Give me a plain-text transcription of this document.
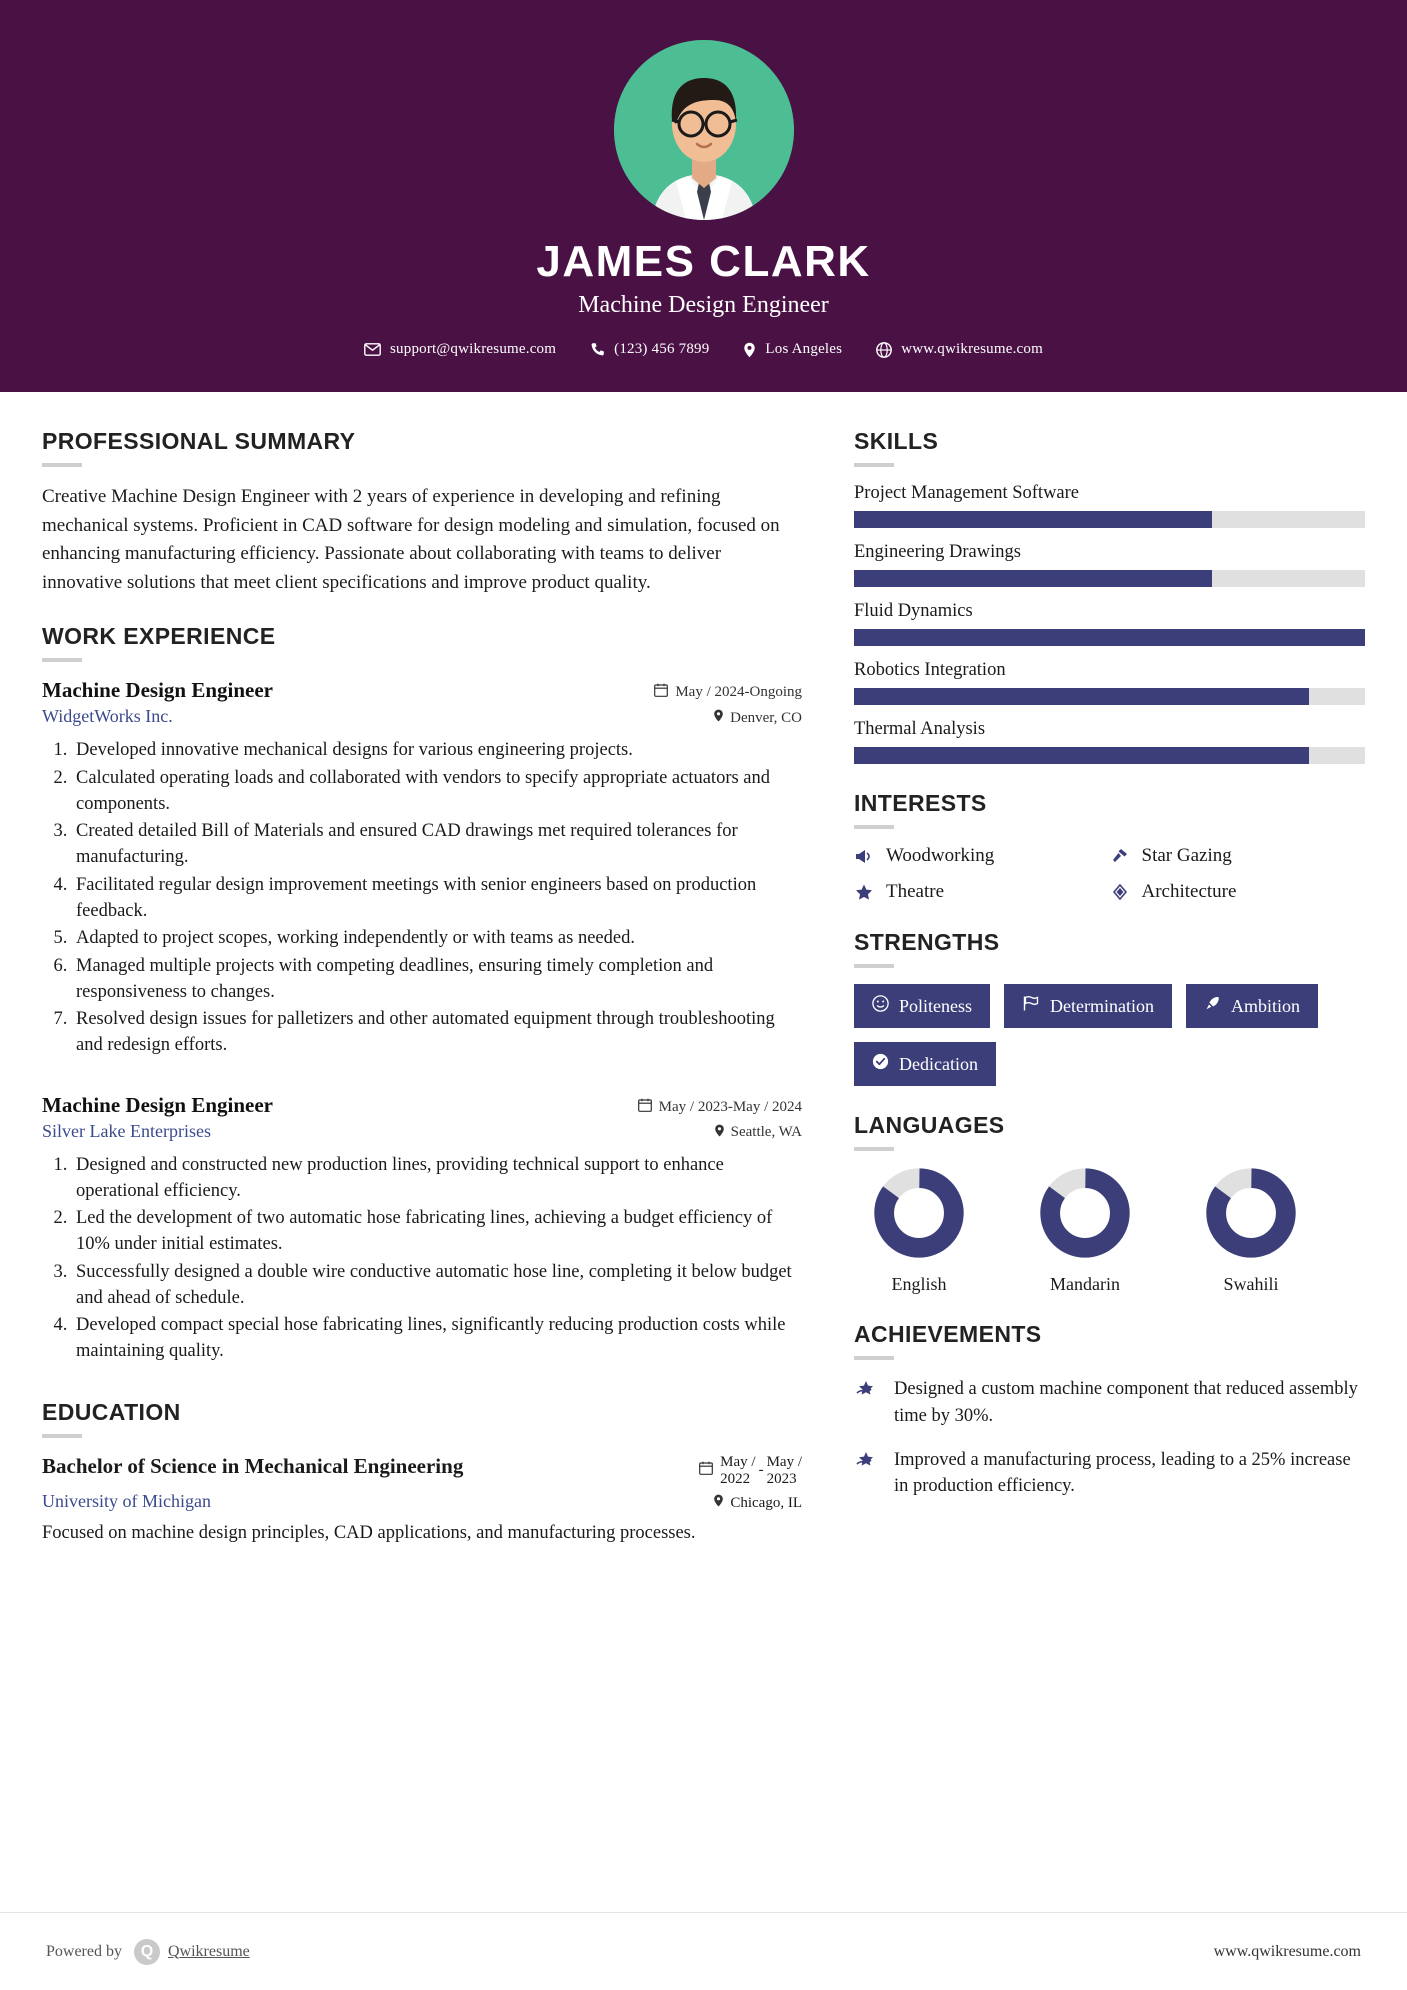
JAMES CLARK
Machine Design Engineer
support@qwikresume.com	(123) 456 7899	Los Angeles	www.qwikresume.com
PROFESSIONAL SUMMARY
Creative Machine Design Engineer with 2 years of experience in developing and refining mechanical systems. Proficient in CAD software for design modeling and simulation, focused on enhancing manufacturing efficiency. Passionate about collaborating with teams to deliver innovative solutions that meet client specifications and improve product quality.
WORK EXPERIENCE
Machine Design Engineer	May / 2024-Ongoing
WidgetWorks Inc.	Denver, CO
1. Developed innovative mechanical designs for various engineering projects.
2. Calculated operating loads and collaborated with vendors to specify appropriate actuators and components.
3. Created detailed Bill of Materials and ensured CAD drawings met required tolerances for manufacturing.
4. Facilitated regular design improvement meetings with senior engineers based on production feedback.
5. Adapted to project scopes, working independently or with teams as needed.
6. Managed multiple projects with competing deadlines, ensuring timely completion and responsiveness to changes.
7. Resolved design issues for palletizers and other automated equipment through troubleshooting and redesign efforts.
Machine Design Engineer	May / 2023-May / 2024
Silver Lake Enterprises	Seattle, WA
1. Designed and constructed new production lines, providing technical support to enhance operational efficiency.
2. Led the development of two automatic hose fabricating lines, achieving a budget efficiency of 10% under initial estimates.
3. Successfully designed a double wire conductive automatic hose line, completing it below budget and ahead of schedule.
4. Developed compact special hose fabricating lines, significantly reducing production costs while maintaining quality.
EDUCATION
Bachelor of Science in Mechanical Engineering	May /
2022
-
May /
2023
University of Michigan	Chicago, IL
Focused on machine design principles, CAD applications, and manufacturing processes.
SKILLS
Project Management Software
Engineering Drawings
Fluid Dynamics
Robotics Integration
Thermal Analysis
INTERESTS
Woodworking	Star Gazing
Theatre	Architecture
STRENGTHS
Politeness	Determination	Ambition
Dedication
LANGUAGES
English	Mandarin	Swahili
ACHIEVEMENTS
Designed a custom machine component that reduced assembly time by 30%.
Improved a manufacturing process, leading to a 25% increase in production efficiency.
Powered by	Q Qwikresume	www.qwikresume.com
